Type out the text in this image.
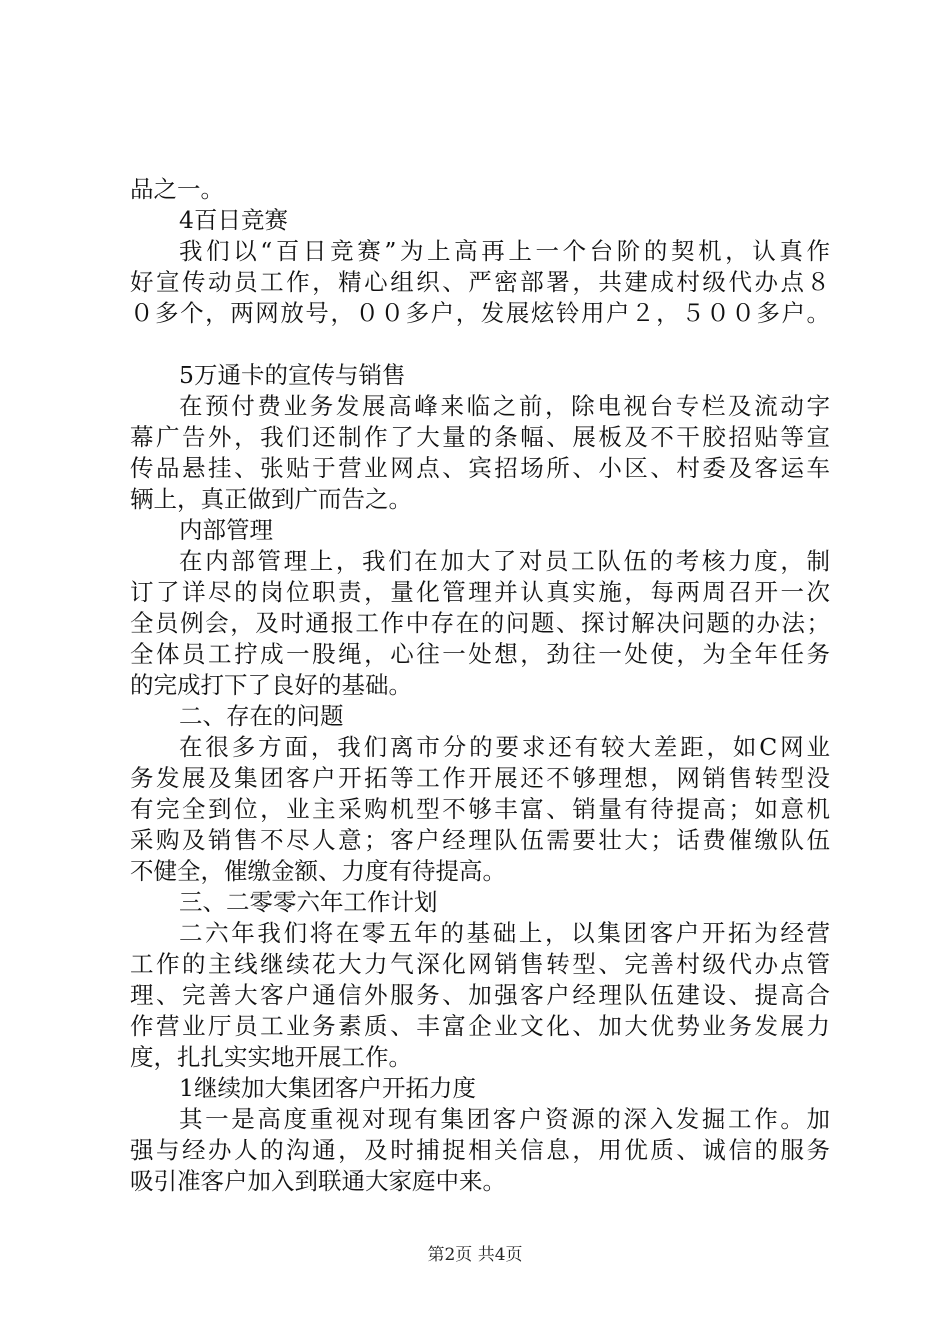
品之一。
4百日竞赛
我们以“百日竞赛”为上高再上一个台阶的契机，认真作
好宣传动员工作，精心组织、严密部署，共建成村级代办点８
０多个，两网放号，００多户，发展炫铃用户２，５００多户。
5万通卡的宣传与销售
在预付费业务发展高峰来临之前，除电视台专栏及流动字
幕广告外，我们还制作了大量的条幅、展板及不干胶招贴等宣
传品悬挂、张贴于营业网点、宾招场所、小区、村委及客运车
辆上，真正做到广而告之。
内部管理
在内部管理上，我们在加大了对员工队伍的考核力度，制
订了详尽的岗位职责，量化管理并认真实施，每两周召开一次
全员例会，及时通报工作中存在的问题、探讨解决问题的办法；
全体员工拧成一股绳，心往一处想，劲往一处使，为全年任务
的完成打下了良好的基础。
二、存在的问题
在很多方面，我们离市分的要求还有较大差距，如C网业
务发展及集团客户开拓等工作开展还不够理想，网销售转型没
有完全到位，业主采购机型不够丰富、销量有待提高；如意机
采购及销售不尽人意；客户经理队伍需要壮大；话费催缴队伍
不健全，催缴金额、力度有待提高。
三、二零零六年工作计划
二六年我们将在零五年的基础上，以集团客户开拓为经营
工作的主线继续花大力气深化网销售转型、完善村级代办点管
理、完善大客户通信外服务、加强客户经理队伍建设、提高合
作营业厅员工业务素质、丰富企业文化、加大优势业务发展力
度，扎扎实实地开展工作。
1继续加大集团客户开拓力度
其一是高度重视对现有集团客户资源的深入发掘工作。加
强与经办人的沟通，及时捕捉相关信息，用优质、诚信的服务
吸引准客户加入到联通大家庭中来。
第2页 共4页
